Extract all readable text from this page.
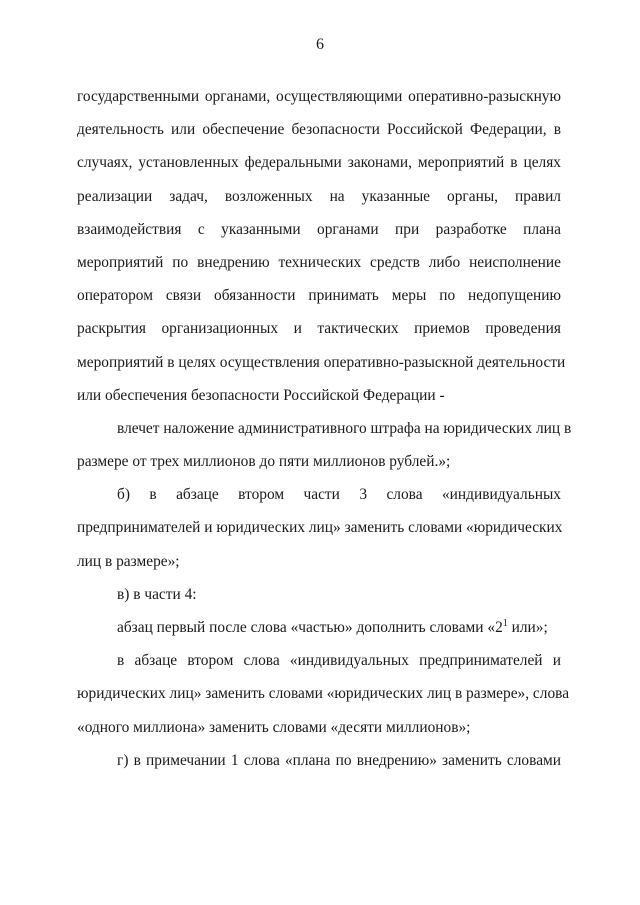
6
государственными органами, осуществляющими оперативно-разыскную
деятельность или обеспечение безопасности Российской Федерации, в
случаях, установленных федеральными законами, мероприятий в целях
реализации задач, возложенных на указанные органы, правил
взаимодействия с указанными органами при разработке плана
мероприятий по внедрению технических средств либо неисполнение
оператором связи обязанности принимать меры по недопущению
раскрытия организационных и тактических приемов проведения
мероприятий в целях осуществления оперативно-разыскной деятельности
или обеспечения безопасности Российской Федерации -
влечет наложение административного штрафа на юридических лиц в
размере от трех миллионов до пяти миллионов рублей.»;
б) в абзаце втором части 3 слова «индивидуальных
предпринимателей и юридических лиц» заменить словами «юридических
лиц в размере»;
в) в части 4:
абзац первый после слова «частью» дополнить словами «$2^1$ или»;
в абзаце втором слова «индивидуальных предпринимателей и
юридических лиц» заменить словами «юридических лиц в размере», слова
«одного миллиона» заменить словами «десяти миллионов»;
г) в примечании 1 слова «плана по внедрению» заменить словами
